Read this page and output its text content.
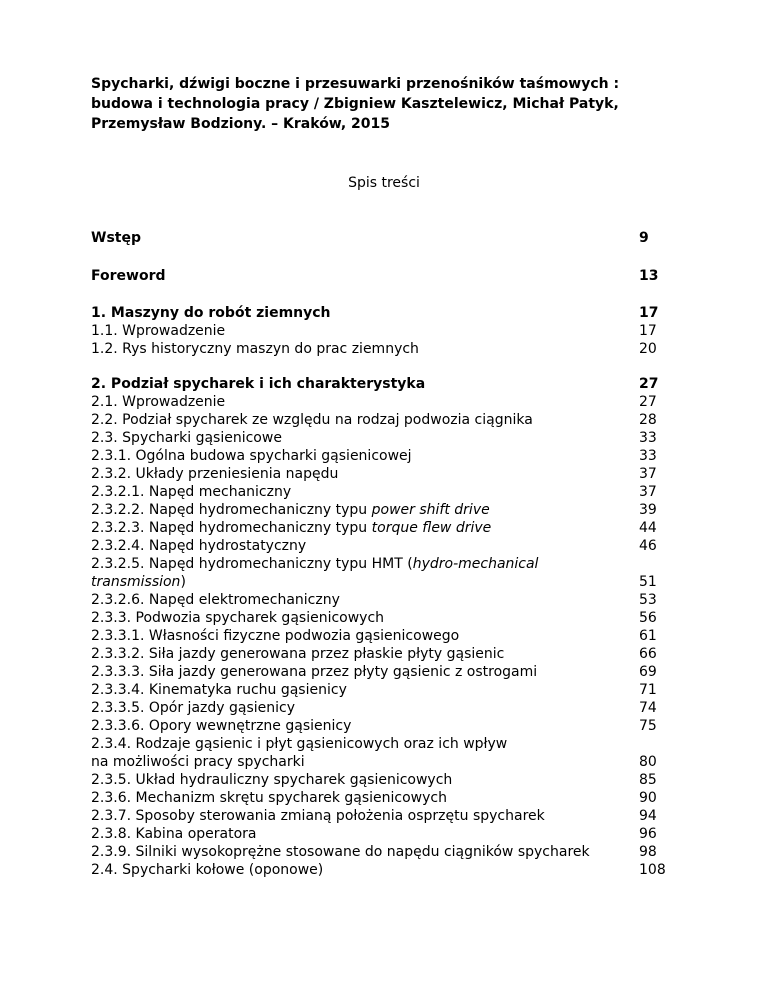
Spycharki, dźwigi boczne i przesuwarki przenośników taśmowych :
budowa i technologia pracy / Zbigniew Kasztelewicz, Michał Patyk,
Przemysław Bodziony. – Kraków, 2015
Spis treści
Wstęp	9
Foreword	13
1. Maszyny do robót ziemnych	17
1.1. Wprowadzenie	17
1.2. Rys historyczny maszyn do prac ziemnych	20
2. Podział spycharek i ich charakterystyka	27
2.1. Wprowadzenie	27
2.2. Podział spycharek ze względu na rodzaj podwozia ciągnika	28
2.3. Spycharki gąsienicowe	33
2.3.1. Ogólna budowa spycharki gąsienicowej	33
2.3.2. Układy przeniesienia napędu	37
2.3.2.1. Napęd mechaniczny	37
2.3.2.2. Napęd hydromechaniczny typu power shift drive	39
2.3.2.3. Napęd hydromechaniczny typu torque flew drive	44
2.3.2.4. Napęd hydrostatyczny	46
2.3.2.5. Napęd hydromechaniczny typu HMT (hydro-mechanical
transmission)	51
2.3.2.6. Napęd elektromechaniczny	53
2.3.3. Podwozia spycharek gąsienicowych	56
2.3.3.1. Własności fizyczne podwozia gąsienicowego	61
2.3.3.2. Siła jazdy generowana przez płaskie płyty gąsienic	66
2.3.3.3. Siła jazdy generowana przez płyty gąsienic z ostrogami	69
2.3.3.4. Kinematyka ruchu gąsienicy	71
2.3.3.5. Opór jazdy gąsienicy	74
2.3.3.6. Opory wewnętrzne gąsienicy	75
2.3.4. Rodzaje gąsienic i płyt gąsienicowych oraz ich wpływ
na możliwości pracy spycharki	80
2.3.5. Układ hydrauliczny spycharek gąsienicowych	85
2.3.6. Mechanizm skrętu spycharek gąsienicowych	90
2.3.7. Sposoby sterowania zmianą położenia osprzętu spycharek	94
2.3.8. Kabina operatora	96
2.3.9. Silniki wysokoprężne stosowane do napędu ciągników spycharek	98
2.4. Spycharki kołowe (oponowe)	108
